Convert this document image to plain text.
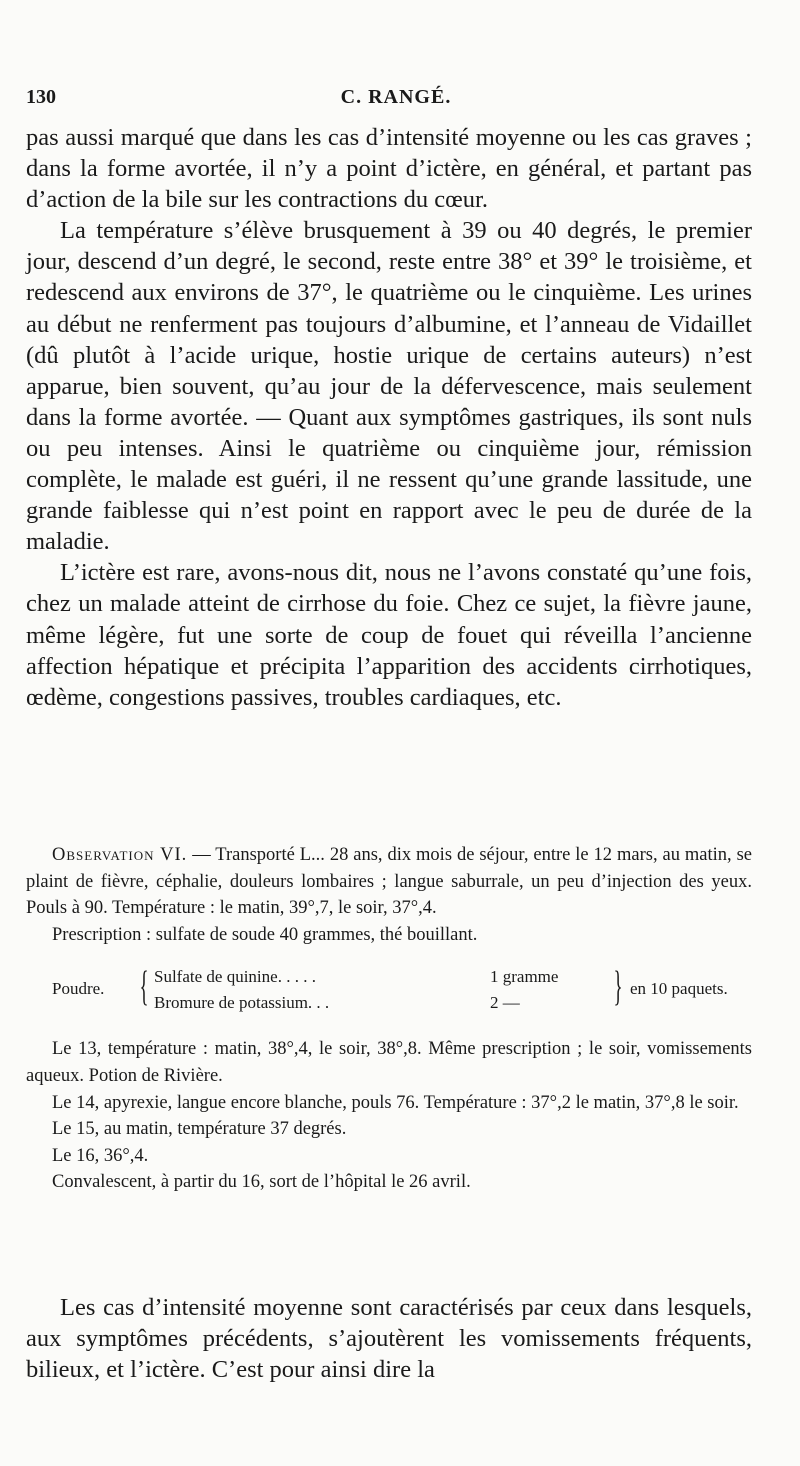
130	C. RANGÉ.

pas aussi marqué que dans les cas d’intensité moyenne ou les cas graves ; dans la forme avortée, il n’y a point d’ictère, en général, et partant pas d’action de la bile sur les contractions du cœur.

La température s’élève brusquement à 39 ou 40 degrés, le premier jour, descend d’un degré, le second, reste entre 38° et 39° le troisième, et redescend aux environs de 37°, le quatrième ou le cinquième. Les urines au début ne renferment pas toujours d’albumine, et l’anneau de Vidaillet (dû plutôt à l’acide urique, hostie urique de certains auteurs) n’est apparue, bien souvent, qu’au jour de la défervescence, mais seulement dans la forme avortée. — Quant aux symptômes gastriques, ils sont nuls ou peu intenses. Ainsi le quatrième ou cinquième jour, rémission complète, le malade est guéri, il ne ressent qu’une grande lassitude, une grande faiblesse qui n’est point en rapport avec le peu de durée de la maladie.

L’ictère est rare, avons-nous dit, nous ne l’avons constaté qu’une fois, chez un malade atteint de cirrhose du foie. Chez ce sujet, la fièvre jaune, même légère, fut une sorte de coup de fouet qui réveilla l’ancienne affection hépatique et précipita l’apparition des accidents cirrhotiques, œdème, congestions passives, troubles cardiaques, etc.

Observation VI. — Transporté L... 28 ans, dix mois de séjour, entre le 12 mars, au matin, se plaint de fièvre, céphalie, douleurs lombaires ; langue saburrale, un peu d’injection des yeux. Pouls à 90. Température : le matin, 39°,7, le soir, 37°,4.

Prescription : sulfate de soude 40 grammes, thé bouillant.

Poudre. { Sulfate de quinine. . . . .
Bromure de potassium. . .
1 gramme
2 — } en 10 paquets.

Le 13, température : matin, 38°,4, le soir, 38°,8. Même prescription ; le soir, vomissements aqueux. Potion de Rivière.

Le 14, apyrexie, langue encore blanche, pouls 76. Température : 37°,2 le matin, 37°,8 le soir.

Le 15, au matin, température 37 degrés.

Le 16, 36°,4.

Convalescent, à partir du 16, sort de l’hôpital le 26 avril.

Les cas d’intensité moyenne sont caractérisés par ceux dans lesquels, aux symptômes précédents, s’ajoutèrent les vomissements fréquents, bilieux, et l’ictère. C’est pour ainsi dire la
